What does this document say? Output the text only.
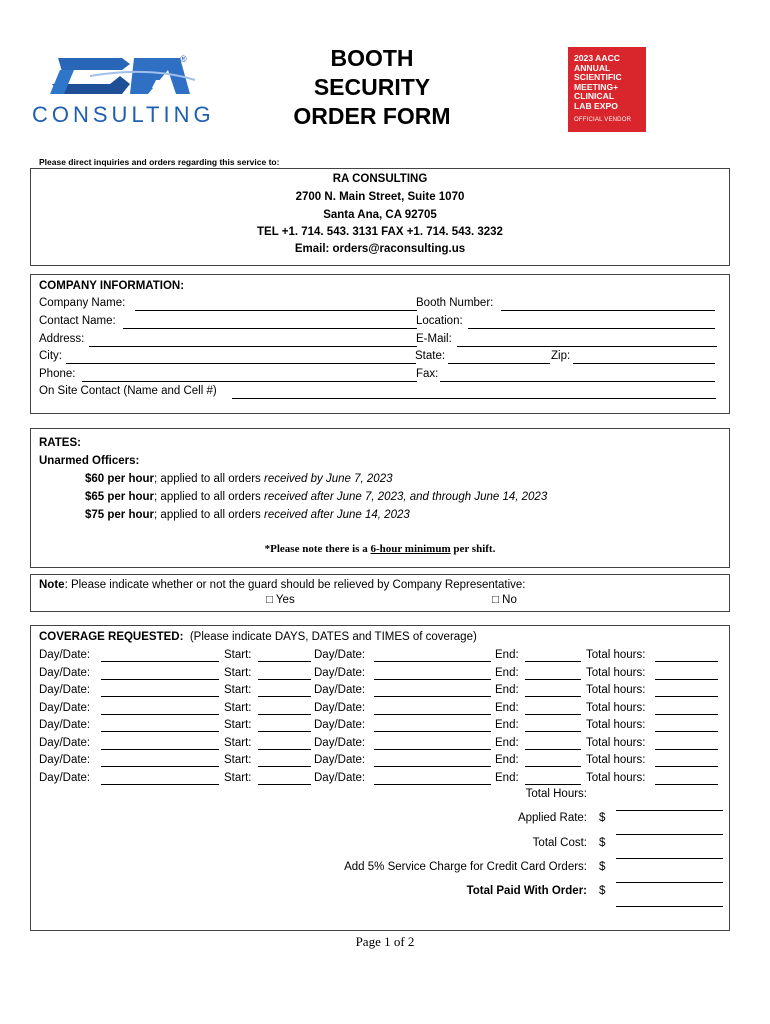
®
CONSULTING
BOOTH
SECURITY
ORDER FORM
2023 AACC
ANNUAL
SCIENTIFIC
MEETING+
CLINICAL
LAB EXPO
OFFICIAL VENDOR
Please direct inquiries and orders regarding this service to:
RA CONSULTING
2700 N. Main Street, Suite 1070
Santa Ana, CA 92705
TEL +1. 714. 543. 3131 FAX +1. 714. 543. 3232
Email: orders@raconsulting.us
COMPANY INFORMATION:
Company Name:	Booth Number:
Contact Name:	Location:
Address:	E-Mail:
City:	State:	Zip:
Phone:	Fax:
On Site Contact (Name and Cell #)
RATES:
Unarmed Officers:
$60 per hour; applied to all orders received by June 7, 2023
$65 per hour; applied to all orders received after June 7, 2023, and through June 14, 2023
$75 per hour; applied to all orders received after June 14, 2023
*Please note there is a 6-hour minimum per shift.
Note: Please indicate whether or not the guard should be relieved by Company Representative:
□ Yes	□ No
COVERAGE REQUESTED: (Please indicate DAYS, DATES and TIMES of coverage)
Day/Date:	Start:	Day/Date:	End:	Total hours:
Day/Date:	Start:	Day/Date:	End:	Total hours:
Day/Date:	Start:	Day/Date:	End:	Total hours:
Day/Date:	Start:	Day/Date:	End:	Total hours:
Day/Date:	Start:	Day/Date:	End:	Total hours:
Day/Date:	Start:	Day/Date:	End:	Total hours:
Day/Date:	Start:	Day/Date:	End:	Total hours:
Day/Date:	Start:	Day/Date:	End:	Total hours:
Total Hours:
Applied Rate: $
Total Cost: $
Add 5% Service Charge for Credit Card Orders: $
Total Paid With Order: $
Page 1 of 2
